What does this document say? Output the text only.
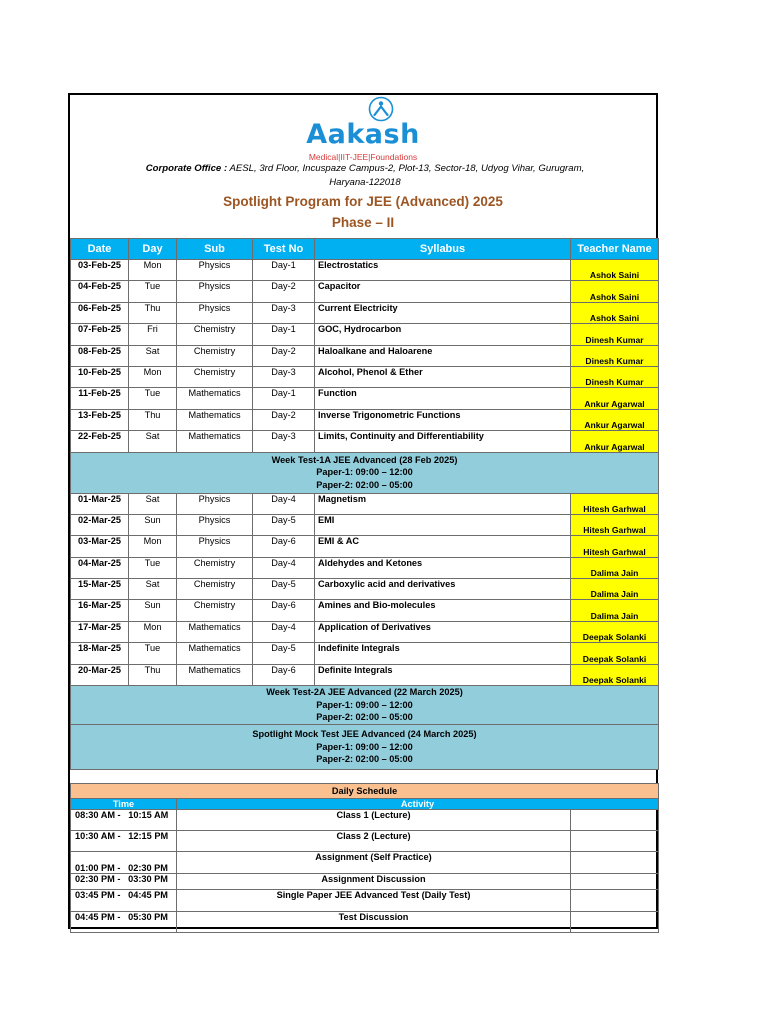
Aakash
Medical|IIT-JEE|Foundations
Corporate Office : AESL, 3rd Floor, Incuspaze Campus-2, Plot-13, Sector-18, Udyog Vihar, Gurugram,
Haryana-122018
Spotlight Program for JEE (Advanced) 2025
Phase – II
Date	Day	Sub	Test No	Syllabus	Teacher Name
03-Feb-25	Mon	Physics	Day-1	Electrostatics	Ashok Saini
04-Feb-25	Tue	Physics	Day-2	Capacitor	Ashok Saini
06-Feb-25	Thu	Physics	Day-3	Current Electricity	Ashok Saini
07-Feb-25	Fri	Chemistry	Day-1	GOC, Hydrocarbon	Dinesh Kumar
08-Feb-25	Sat	Chemistry	Day-2	Haloalkane and Haloarene	Dinesh Kumar
10-Feb-25	Mon	Chemistry	Day-3	Alcohol, Phenol & Ether	Dinesh Kumar
11-Feb-25	Tue	Mathematics	Day-1	Function	Ankur Agarwal
13-Feb-25	Thu	Mathematics	Day-2	Inverse Trigonometric Functions	Ankur Agarwal
22-Feb-25	Sat	Mathematics	Day-3	Limits, Continuity and Differentiability	Ankur Agarwal

Week Test-1A JEE Advanced (28 Feb 2025)
Paper-1: 09:00 – 12:00
Paper-2: 02:00 – 05:00					

01-Mar-25	Sat	Physics	Day-4	Magnetism	Hitesh Garhwal
02-Mar-25	Sun	Physics	Day-5	EMI	Hitesh Garhwal
03-Mar-25	Mon	Physics	Day-6	EMI & AC	Hitesh Garhwal
04-Mar-25	Tue	Chemistry	Day-4	Aldehydes and Ketones	Dalima Jain
15-Mar-25	Sat	Chemistry	Day-5	Carboxylic acid and derivatives	Dalima Jain
16-Mar-25	Sun	Chemistry	Day-6	Amines and Bio-molecules	Dalima Jain
17-Mar-25	Mon	Mathematics	Day-4	Application of Derivatives	Deepak Solanki
18-Mar-25	Tue	Mathematics	Day-5	Indefinite Integrals	Deepak Solanki
20-Mar-25	Thu	Mathematics	Day-6	Definite Integrals	Deepak Solanki

Week Test-2A JEE Advanced (22 March 2025)
Paper-1: 09:00 – 12:00
Paper-2: 02:00 – 05:00					

Spotlight Mock Test JEE Advanced (24 March 2025)
Paper-1: 09:00 – 12:00
Paper-2: 02:00 – 05:00					
Daily Schedule		
Time	Activity	
08:30 AM -   10:15 AM	Class 1 (Lecture)	
10:30 AM -   12:15 PM	Class 2 (Lecture)	
01:00 PM -   02:30 PM	Assignment (Self Practice)	
02:30 PM -   03:30 PM	Assignment Discussion	
03:45 PM -   04:45 PM	Single Paper JEE Advanced Test (Daily Test)	
04:45 PM -   05:30 PM	Test Discussion	
